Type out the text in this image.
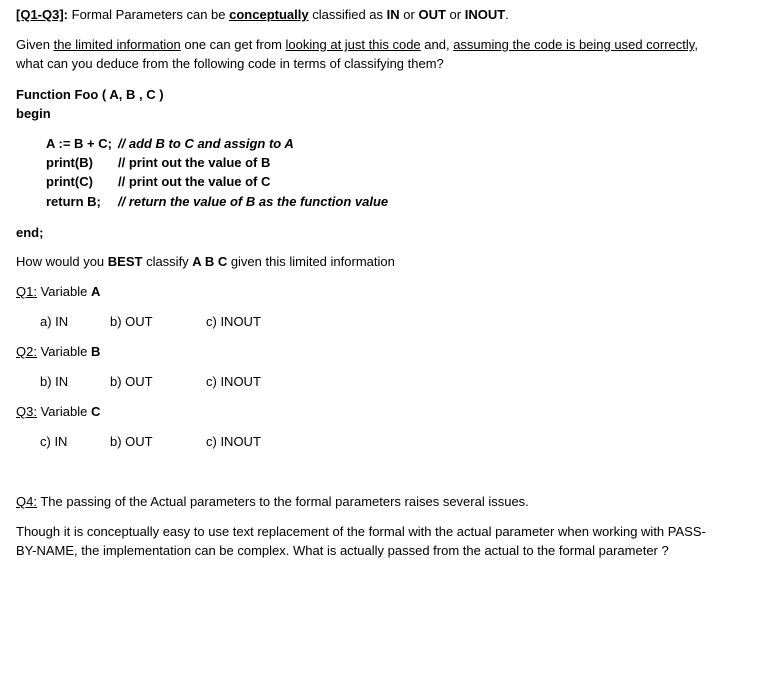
[Q1-Q3]: Formal Parameters can be conceptually classified as IN or OUT or INOUT.
Given the limited information one can get from looking at just this code and, assuming the code is being used correctly,
what can you deduce from the following code in terms of classifying them?
Function Foo ( A, B , C )
begin
A := B + C; // add B to C and assign to A
print(B) // print out the value of B
print(C) // print out the value of C
return B; // return the value of B as the function value
end;
How would you BEST classify A B C given this limited information
Q1: Variable A
a) IN	b) OUT	c) INOUT
Q2: Variable B
b) IN	b) OUT	c) INOUT
Q3: Variable C
c) IN	b) OUT	c) INOUT
Q4: The passing of the Actual parameters to the formal parameters raises several issues.
Though it is conceptually easy to use text replacement of the formal with the actual parameter when working with PASS-
BY-NAME, the implementation can be complex. What is actually passed from the actual to the formal parameter ?
